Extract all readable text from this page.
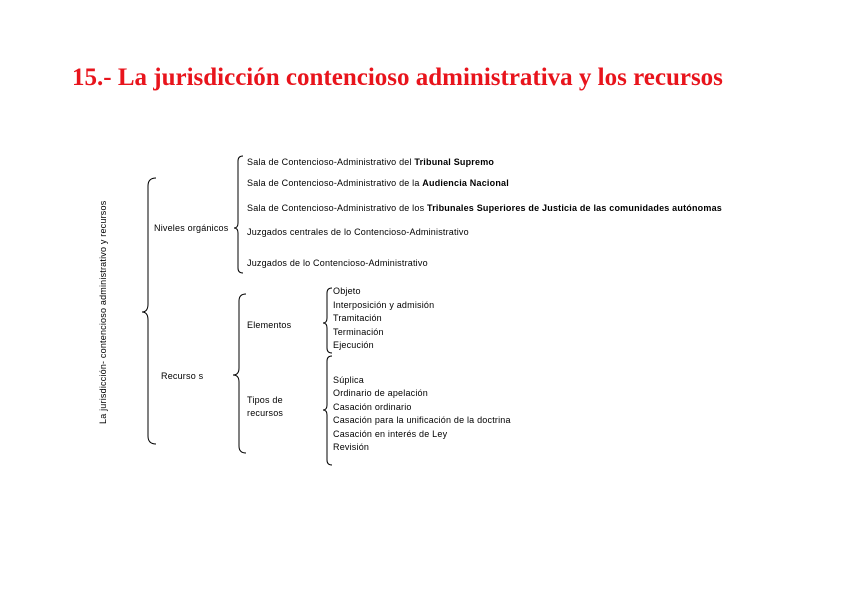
15.- La jurisdicción contencioso administrativa y los recursos
La jurisdicción- contencioso administrativo y recursos	Niveles orgánicos
Sala de Contencioso-Administrativo del Tribunal Supremo
Sala de Contencioso-Administrativo de la Audiencia Nacional
Sala de Contencioso-Administrativo de los Tribunales Superiores de Justicia de las comunidades autónomas
Juzgados centrales de lo Contencioso-Administrativo
Juzgados de lo Contencioso-Administrativo
Recurso s
Elementos
Objeto
Interposición y admisión
Tramitación
Terminación
Ejecución
Tipos de
recursos
Súplica
Ordinario de apelación
Casación ordinario
Casación para la unificación de la doctrina
Casación en interés de Ley
Revisión
